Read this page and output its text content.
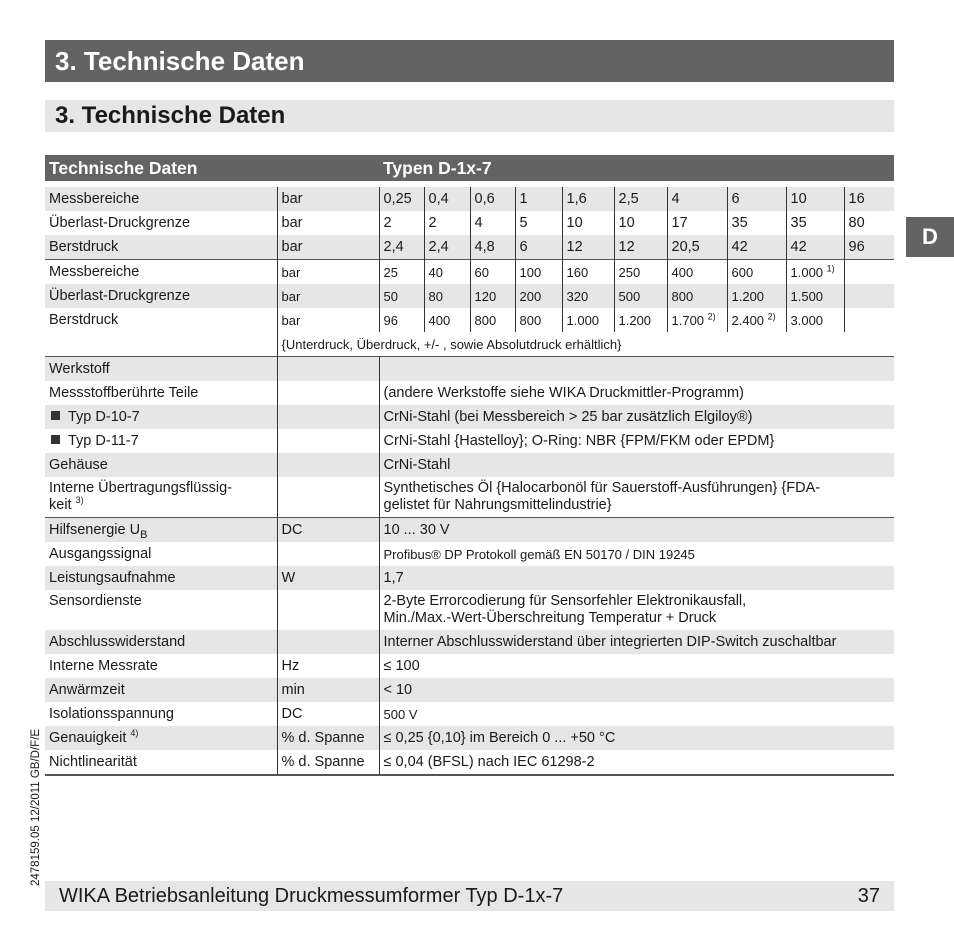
3. Technische Daten
3. Technische Daten
D
2478159.05 12/2011 GB/D/F/E
Technische Daten		Typen D-1x-7									

Messbereiche	bar	0,25	0,4	0,6	1	1,6	2,5	4	6	10	16
Überlast-Druckgrenze	bar	2	2	4	5	10	10	17	35	35	80
Berstdruck	bar	2,4	2,4	4,8	6	12	12	20,5	42	42	96
Messbereiche	bar	25	40	60	100	160	250	400	600	1.000 $^{1)}$	
Überlast-Druckgrenze	bar	50	80	120	200	320	500	800	1.200	1.500	
Berstdruck	bar	96	400	800	800	1.000	1.200	1.700 $^{2)}$	2.400 $^{2)}$	3.000	
	{Unterdruck, Überdruck, +/- , sowie Absolutdruck erhältlich}										
Werkstoff											
Messstoffberührte Teile		(andere Werkstoffe siehe WIKA Druckmittler-Programm)									
Typ D-10-7		CrNi-Stahl (bei Messbereich > 25 bar zusätzlich Elgiloy®)									
Typ D-11-7		CrNi-Stahl {Hastelloy}; O-Ring: NBR {FPM/FKM oder EPDM}									
Gehäuse		CrNi-Stahl									
Interne Übertragungsflüssig-
keit $^{3)}$		Synthetisches Öl {Halocarbonöl für Sauerstoff-Ausführungen} {FDA-
gelistet für Nahrungsmittelindustrie}									
Hilfsenergie $U_B$	DC	10 ... 30 V									
Ausgangssignal		Profibus® DP Protokoll gemäß EN 50170 / DIN 19245									
Leistungsaufnahme	W	1,7									
Sensordienste		2-Byte Errorcodierung für Sensorfehler Elektronikausfall,
Min./Max.-Wert-Überschreitung Temperatur + Druck									
Abschlusswiderstand		Interner Abschlusswiderstand über integrierten DIP-Switch zuschaltbar									
Interne Messrate	Hz	≤ 100									
Anwärmzeit	min	< 10									
Isolationsspannung	DC	500 V									
Genauigkeit $^{4)}$	% d. Spanne	≤ 0,25 {0,10} im Bereich 0 ... +50 °C									
Nichtlinearität	% d. Spanne	≤ 0,04 (BFSL) nach IEC 61298-2									
WIKA Betriebsanleitung Druckmessumformer Typ D-1x-7	37
